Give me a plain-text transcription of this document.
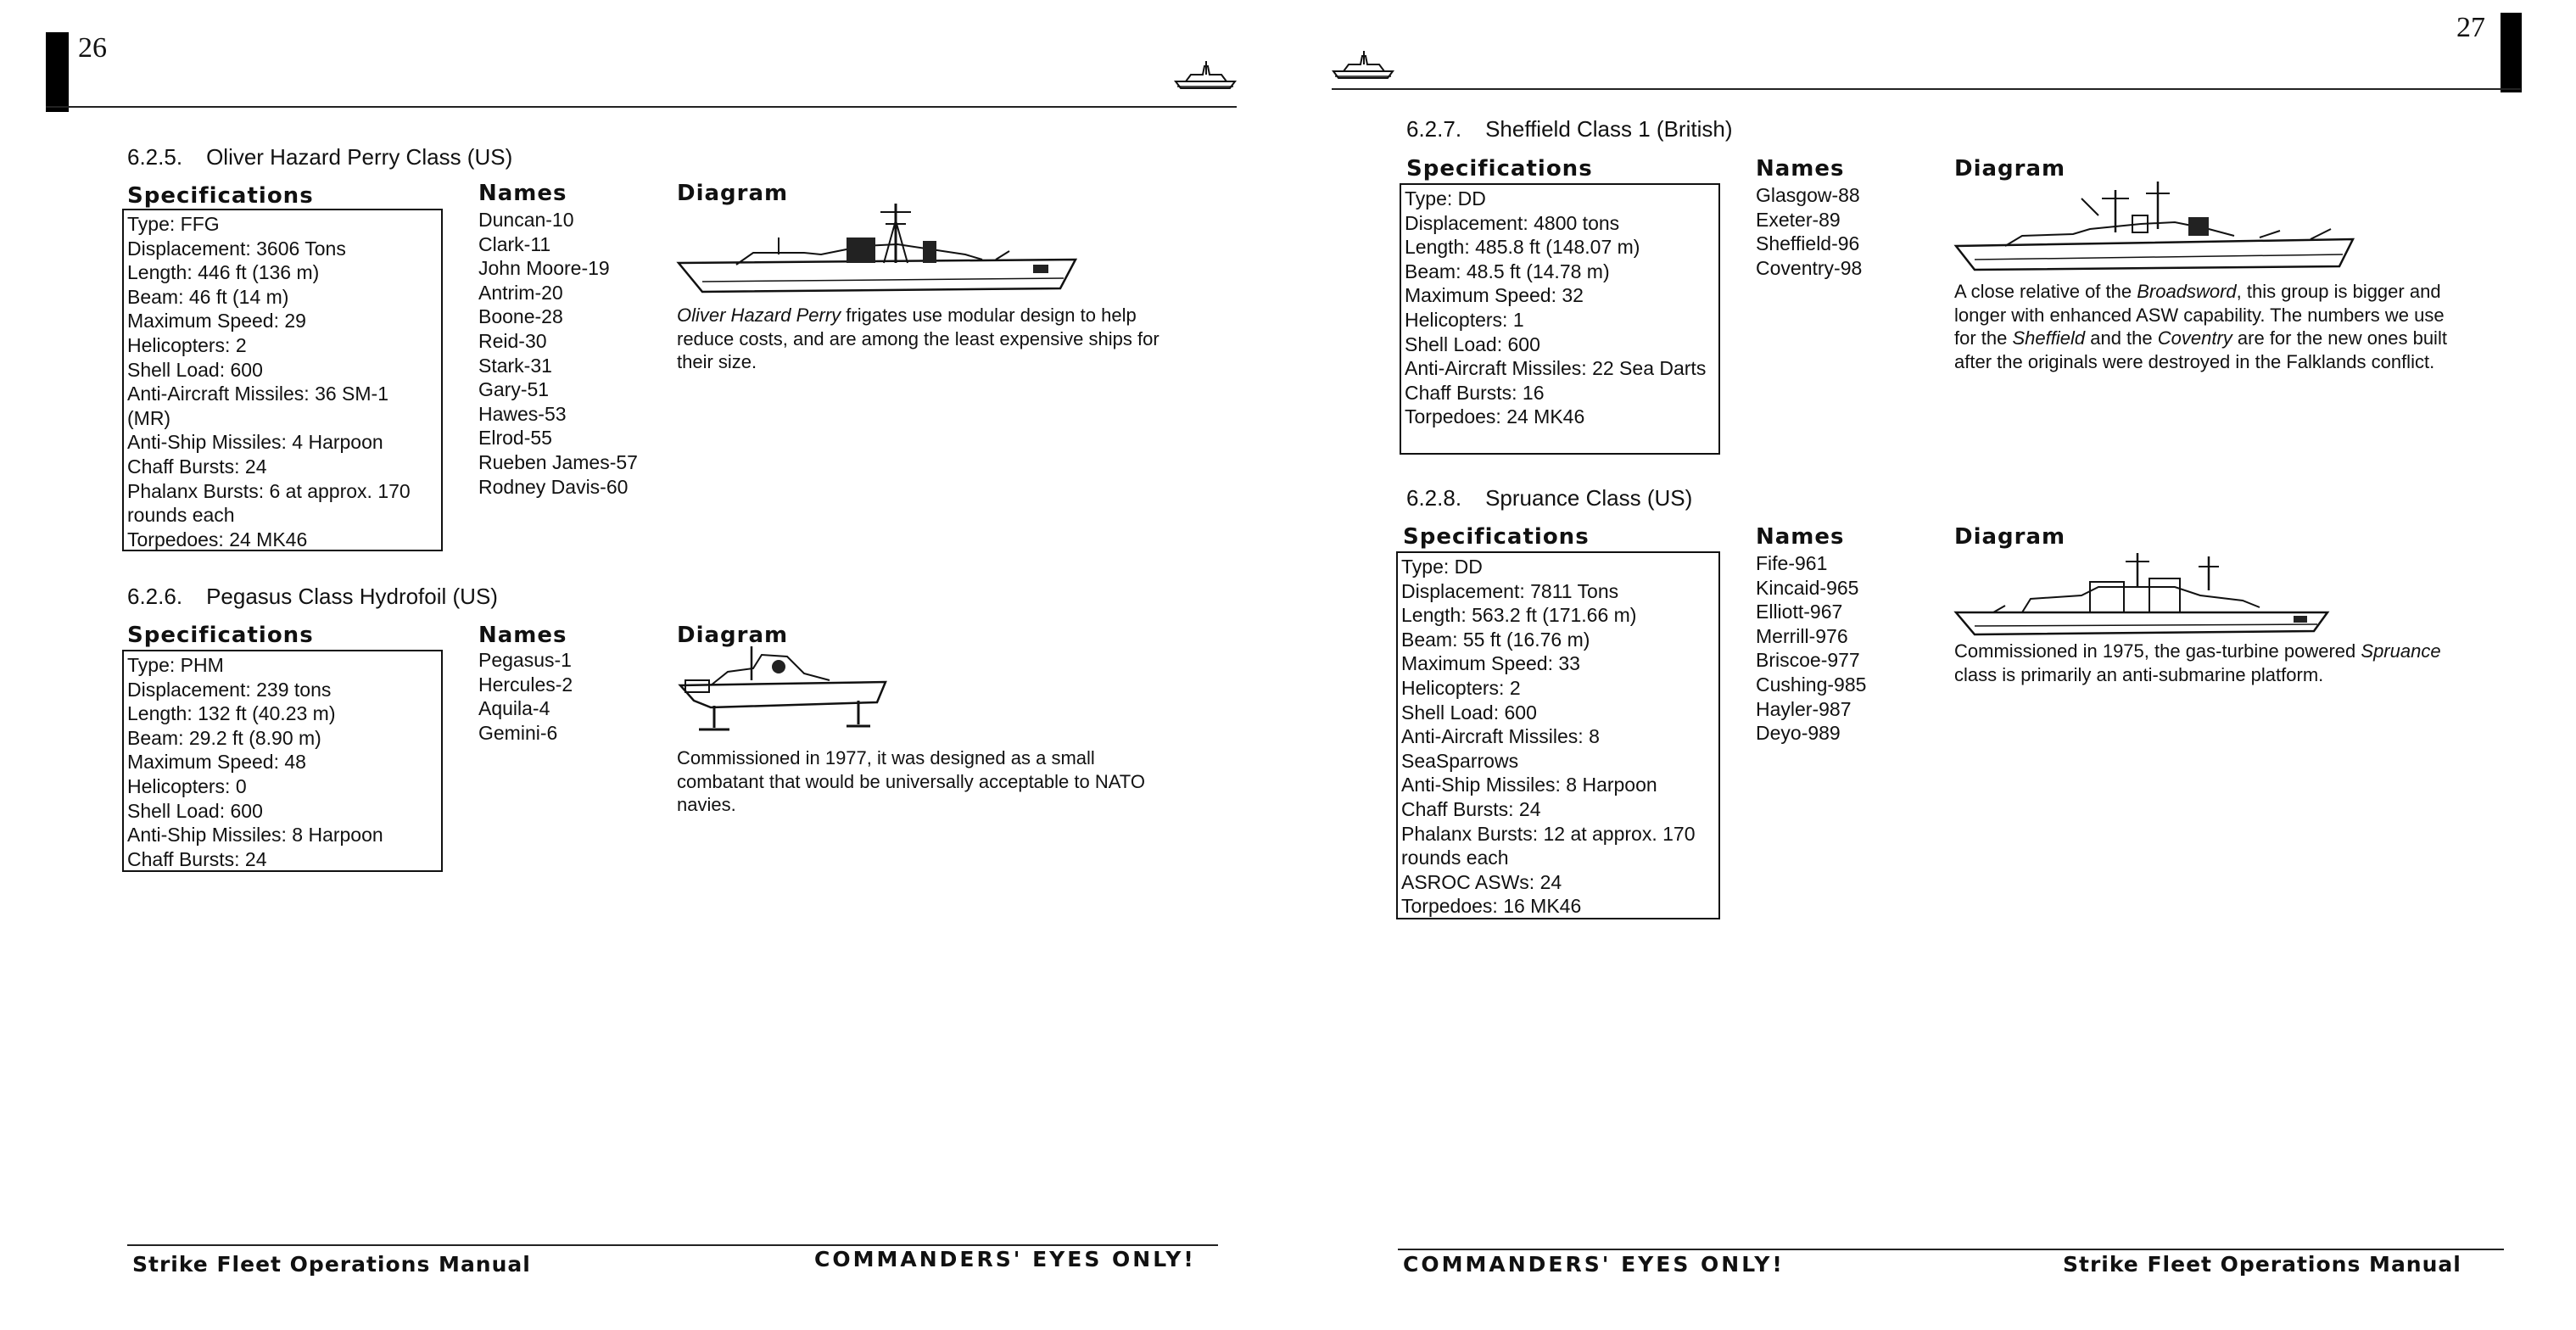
26
6.2.5. Oliver Hazard Perry Class (US)
Specifications	Names	Diagram
Type: FFG
Displacement: 3606 Tons
Length: 446 ft (136 m)
Beam: 46 ft (14 m)
Maximum Speed: 29
Helicopters: 2
Shell Load: 600
Anti-Aircraft Missiles: 36 SM-1 (MR)
Anti-Ship Missiles: 4 Harpoon
Chaff Bursts: 24
Phalanx Bursts: 6 at approx. 170 rounds each
Torpedoes: 24 MK46
Duncan-10
Clark-11
John Moore-19
Antrim-20
Boone-28
Reid-30
Stark-31
Gary-51
Hawes-53
Elrod-55
Rueben James-57
Rodney Davis-60
Oliver Hazard Perry frigates use modular design to help reduce costs, and are among the least expensive ships for their size.
6.2.6. Pegasus Class Hydrofoil (US)
Specifications	Names	Diagram
Type: PHM
Displacement: 239 tons
Length: 132 ft (40.23 m)
Beam: 29.2 ft (8.90 m)
Maximum Speed: 48
Helicopters: 0
Shell Load: 600
Anti-Ship Missiles: 8 Harpoon
Chaff Bursts: 24
Pegasus-1
Hercules-2
Aquila-4
Gemini-6
Commissioned in 1977, it was designed as a small combatant that would be universally acceptable to NATO navies.
Strike Fleet Operations Manual	COMMANDERS' EYES ONLY!
27
6.2.7. Sheffield Class 1 (British)
Specifications	Names	Diagram
Type: DD
Displacement: 4800 tons
Length: 485.8 ft (148.07 m)
Beam: 48.5 ft (14.78 m)
Maximum Speed: 32
Helicopters: 1
Shell Load: 600
Anti-Aircraft Missiles: 22 Sea Darts
Chaff Bursts: 16
Torpedoes: 24 MK46
Glasgow-88
Exeter-89
Sheffield-96
Coventry-98
A close relative of the Broadsword, this group is bigger and longer with enhanced ASW capability. The numbers we use for the Sheffield and the Coventry are for the new ones built after the originals were destroyed in the Falklands conflict.
6.2.8. Spruance Class (US)
Specifications	Names	Diagram
Type: DD
Displacement: 7811 Tons
Length: 563.2 ft (171.66 m)
Beam: 55 ft (16.76 m)
Maximum Speed: 33
Helicopters: 2
Shell Load: 600
Anti-Aircraft Missiles: 8 SeaSparrows
Anti-Ship Missiles: 8 Harpoon
Chaff Bursts: 24
Phalanx Bursts: 12 at approx. 170 rounds each
ASROC ASWs: 24
Torpedoes: 16 MK46
Fife-961
Kincaid-965
Elliott-967
Merrill-976
Briscoe-977
Cushing-985
Hayler-987
Deyo-989
Commissioned in 1975, the gas-turbine powered Spruance class is primarily an anti-submarine platform.
COMMANDERS' EYES ONLY!	Strike Fleet Operations Manual
